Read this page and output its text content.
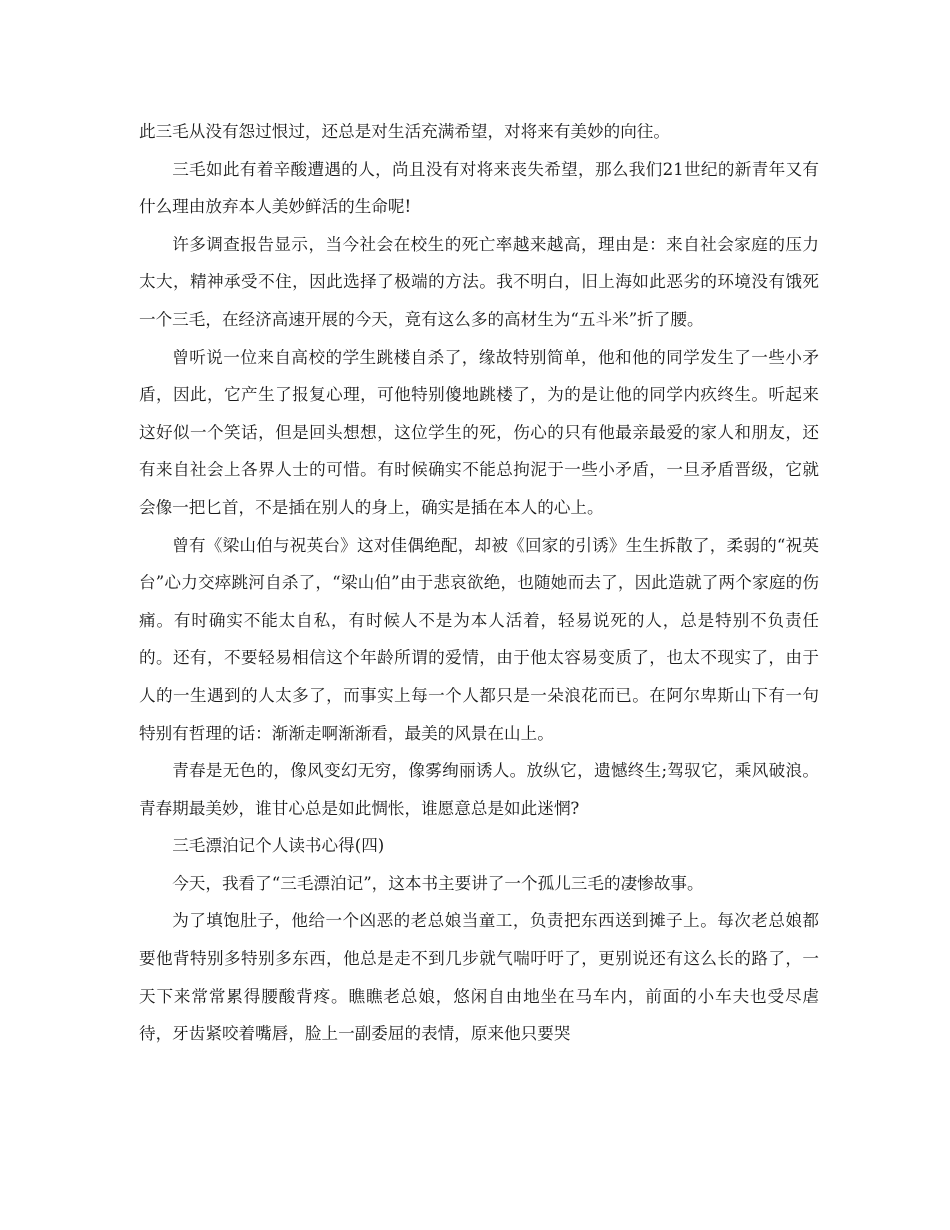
此三毛从没有怨过恨过，还总是对生活充满希望，对将来有美妙的向往。

三毛如此有着辛酸遭遇的人，尚且没有对将来丧失希望，那么我们21世纪的新青年又有什么理由放弃本人美妙鲜活的生命呢!

许多调查报告显示，当今社会在校生的死亡率越来越高，理由是：来自社会家庭的压力太大，精神承受不住，因此选择了极端的方法。我不明白，旧上海如此恶劣的环境没有饿死一个三毛，在经济高速开展的今天，竟有这么多的高材生为“五斗米”折了腰。

曾听说一位来自高校的学生跳楼自杀了，缘故特别简单，他和他的同学发生了一些小矛盾，因此，它产生了报复心理，可他特别傻地跳楼了，为的是让他的同学内疚终生。听起来这好似一个笑话，但是回头想想，这位学生的死，伤心的只有他最亲最爱的家人和朋友，还有来自社会上各界人士的可惜。有时候确实不能总拘泥于一些小矛盾，一旦矛盾晋级，它就会像一把匕首，不是插在别人的身上，确实是插在本人的心上。

曾有《梁山伯与祝英台》这对佳偶绝配，却被《回家的引诱》生生拆散了，柔弱的“祝英台”心力交瘁跳河自杀了，“梁山伯”由于悲哀欲绝，也随她而去了，因此造就了两个家庭的伤痛。有时确实不能太自私，有时候人不是为本人活着，轻易说死的人，总是特别不负责任的。还有，不要轻易相信这个年龄所谓的爱情，由于他太容易变质了，也太不现实了，由于人的一生遇到的人太多了，而事实上每一个人都只是一朵浪花而已。在阿尔卑斯山下有一句特别有哲理的话：渐渐走啊渐渐看，最美的风景在山上。

青春是无色的，像风变幻无穷，像雾绚丽诱人。放纵它，遗憾终生;驾驭它，乘风破浪。青春期最美妙，谁甘心总是如此惆怅，谁愿意总是如此迷惘?

三毛漂泊记个人读书心得(四)

今天，我看了“三毛漂泊记”，这本书主要讲了一个孤儿三毛的凄惨故事。

为了填饱肚子，他给一个凶恶的老总娘当童工，负责把东西送到摊子上。每次老总娘都要他背特别多特别多东西，他总是走不到几步就气喘吁吁了，更别说还有这么长的路了，一天下来常常累得腰酸背疼。瞧瞧老总娘，悠闲自由地坐在马车内，前面的小车夫也受尽虐待，牙齿紧咬着嘴唇，脸上一副委屈的表情，原来他只要哭
